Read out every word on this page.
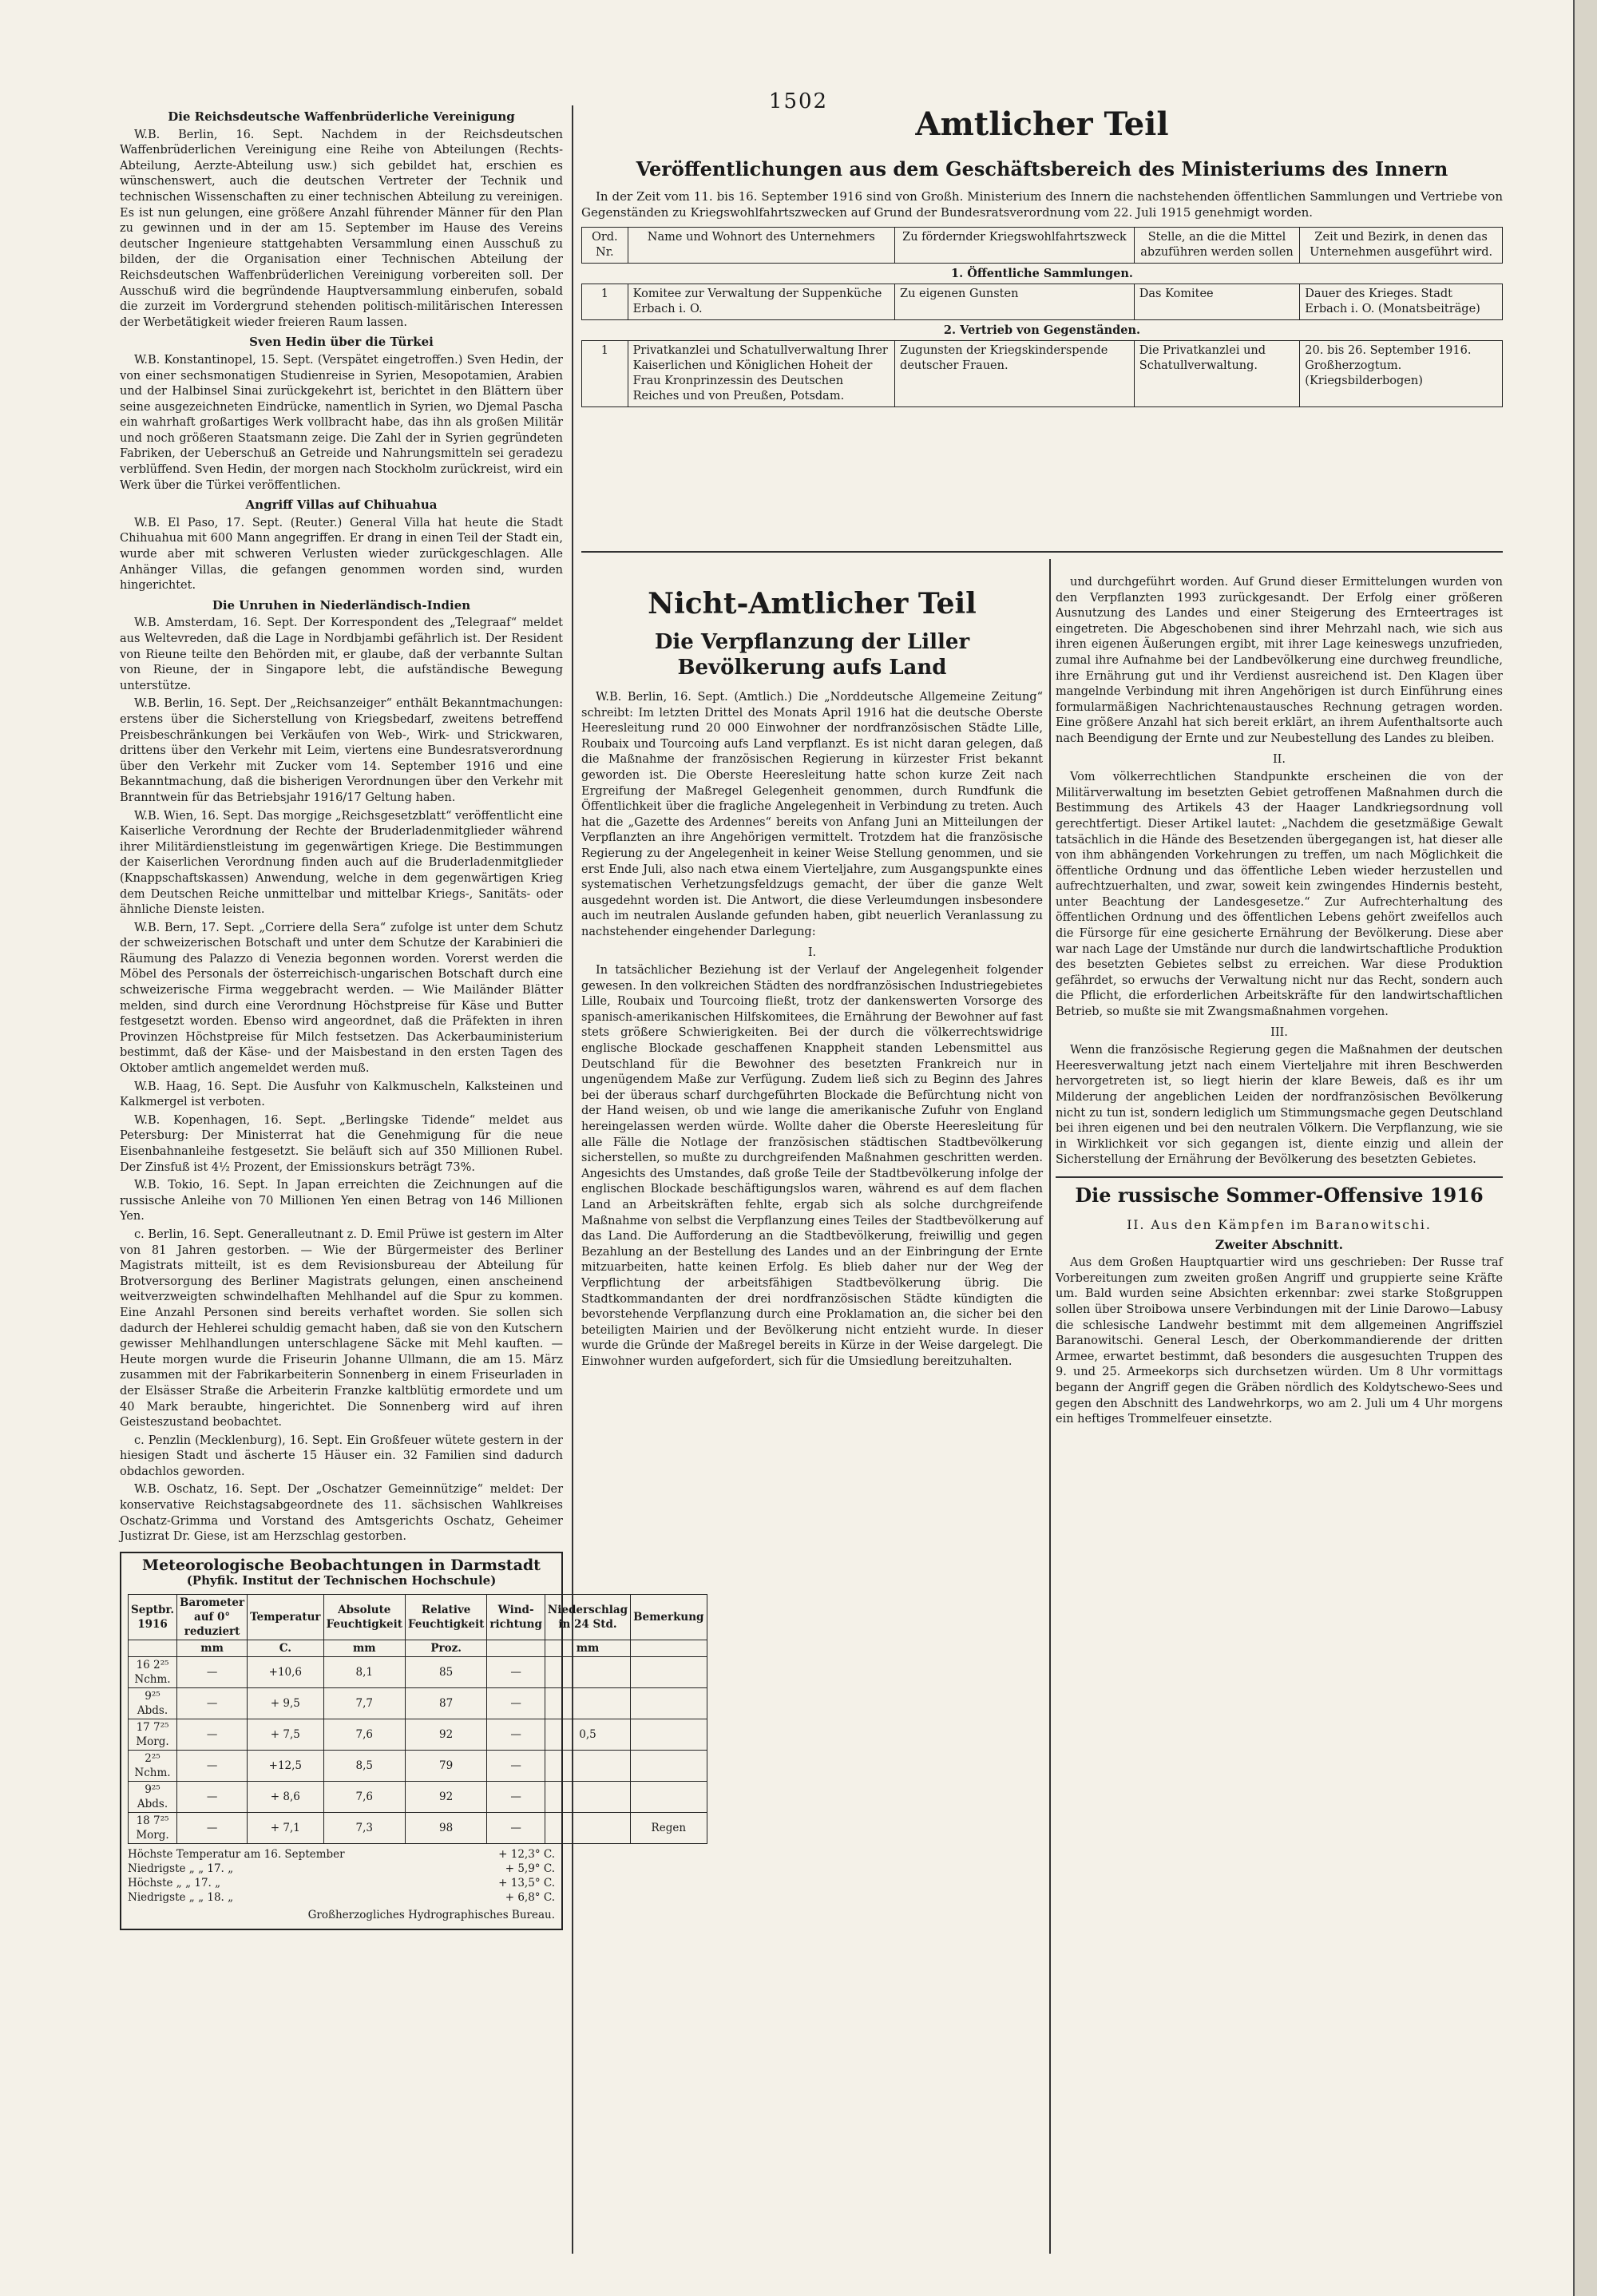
1502
Amtlicher Teil
Veröffentlichungen aus dem Geschäftsbereich des Ministeriums des Innern

In der Zeit vom 11. bis 16. September 1916 sind von Großh. Ministerium des Innern die nachstehenden öffentlichen Sammlungen und Vertriebe von Gegenständen zu Kriegswohlfahrtszwecken auf Grund der Bundesratsverordnung vom 22. Juli 1915 genehmigt worden.

Ord. Nr.	Name und Wohnort des Unternehmers	Zu fördernder Kriegswohlfahrtszweck	Stelle, an die die Mittel abzuführen werden sollen	Zeit und Bezirk, in denen das Unternehmen ausgeführt wird.
1. Öffentliche Sammlungen.				
1	Komitee zur Verwaltung der Suppenküche Erbach i. O.	Zu eigenen Gunsten	Das Komitee	Dauer des Krieges. Stadt Erbach i. O. (Monatsbeiträge)
2. Vertrieb von Gegenständen.				
1	Privatkanzlei und Schatullverwaltung Ihrer Kaiserlichen und Königlichen Hoheit der Frau Kronprinzessin des Deutschen Reiches und von Preußen, Potsdam.	Zugunsten der Kriegskinderspende deutscher Frauen.	Die Privatkanzlei und Schatullverwaltung.	20. bis 26. September 1916. Großherzogtum. (Kriegsbilderbogen)
Die Reichsdeutsche Waffenbrüderliche Vereinigung

W.B. Berlin, 16. Sept. Nachdem in der Reichsdeutschen Waffenbrüderlichen Vereinigung eine Reihe von Abteilungen (Rechts-Abteilung, Aerzte-Abteilung usw.) sich gebildet hat, erschien es wünschenswert, auch die deutschen Vertreter der Technik und technischen Wissenschaften zu einer technischen Abteilung zu vereinigen. Es ist nun gelungen, eine größere Anzahl führender Männer für den Plan zu gewinnen und in der am 15. September im Hause des Vereins deutscher Ingenieure stattgehabten Versammlung einen Ausschuß zu bilden, der die Organisation einer Technischen Abteilung der Reichsdeutschen Waffenbrüderlichen Vereinigung vorbereiten soll. Der Ausschuß wird die begründende Hauptversammlung einberufen, sobald die zurzeit im Vordergrund stehenden politisch-militärischen Interessen der Werbetätigkeit wieder freieren Raum lassen.

Sven Hedin über die Türkei

W.B. Konstantinopel, 15. Sept. (Verspätet eingetroffen.) Sven Hedin, der von einer sechsmonatigen Studienreise in Syrien, Mesopotamien, Arabien und der Halbinsel Sinai zurückgekehrt ist, berichtet in den Blättern über seine ausgezeichneten Eindrücke, namentlich in Syrien, wo Djemal Pascha ein wahrhaft großartiges Werk vollbracht habe, das ihn als großen Militär und noch größeren Staatsmann zeige. Die Zahl der in Syrien gegründeten Fabriken, der Ueberschuß an Getreide und Nahrungsmitteln sei geradezu verblüffend. Sven Hedin, der morgen nach Stockholm zurückreist, wird ein Werk über die Türkei veröffentlichen.

Angriff Villas auf Chihuahua

W.B. El Paso, 17. Sept. (Reuter.) General Villa hat heute die Stadt Chihuahua mit 600 Mann angegriffen. Er drang in einen Teil der Stadt ein, wurde aber mit schweren Verlusten wieder zurückgeschlagen. Alle Anhänger Villas, die gefangen genommen worden sind, wurden hingerichtet.

Die Unruhen in Niederländisch-Indien

W.B. Amsterdam, 16. Sept. Der Korrespondent des „Telegraaf“ meldet aus Weltevreden, daß die Lage in Nordbjambi gefährlich ist. Der Resident von Rieune teilte den Behörden mit, er glaube, daß der verbannte Sultan von Rieune, der in Singapore lebt, die aufständische Bewegung unterstütze.

W.B. Berlin, 16. Sept. Der „Reichsanzeiger“ enthält Bekanntmachungen: erstens über die Sicherstellung von Kriegsbedarf, zweitens betreffend Preisbeschränkungen bei Verkäufen von Web-, Wirk- und Strickwaren, drittens über den Verkehr mit Leim, viertens eine Bundesratsverordnung über den Verkehr mit Zucker vom 14. September 1916 und eine Bekanntmachung, daß die bisherigen Verordnungen über den Verkehr mit Branntwein für das Betriebsjahr 1916/17 Geltung haben.

W.B. Wien, 16. Sept. Das morgige „Reichsgesetzblatt“ veröffentlicht eine Kaiserliche Verordnung der Rechte der Bruderladenmitglieder während ihrer Militärdienstleistung im gegenwärtigen Kriege. Die Bestimmungen der Kaiserlichen Verordnung finden auch auf die Bruderladenmitglieder (Knappschaftskassen) Anwendung, welche in dem gegenwärtigen Krieg dem Deutschen Reiche unmittelbar und mittelbar Kriegs-, Sanitäts- oder ähnliche Dienste leisten.

W.B. Bern, 17. Sept. „Corriere della Sera“ zufolge ist unter dem Schutz der schweizerischen Botschaft und unter dem Schutze der Karabinieri die Räumung des Palazzo di Venezia begonnen worden. Vorerst werden die Möbel des Personals der österreichisch-ungarischen Botschaft durch eine schweizerische Firma weggebracht werden. — Wie Mailänder Blätter melden, sind durch eine Verordnung Höchstpreise für Käse und Butter festgesetzt worden. Ebenso wird angeordnet, daß die Präfekten in ihren Provinzen Höchstpreise für Milch festsetzen. Das Ackerbauministerium bestimmt, daß der Käse- und der Maisbestand in den ersten Tagen des Oktober amtlich angemeldet werden muß.

W.B. Haag, 16. Sept. Die Ausfuhr von Kalkmuscheln, Kalksteinen und Kalkmergel ist verboten.

W.B. Kopenhagen, 16. Sept. „Berlingske Tidende“ meldet aus Petersburg: Der Ministerrat hat die Genehmigung für die neue Eisenbahnanleihe festgesetzt. Sie beläuft sich auf 350 Millionen Rubel. Der Zinsfuß ist 4½ Prozent, der Emissionskurs beträgt 73%.

W.B. Tokio, 16. Sept. In Japan erreichten die Zeichnungen auf die russische Anleihe von 70 Millionen Yen einen Betrag von 146 Millionen Yen.

c. Berlin, 16. Sept. Generalleutnant z. D. Emil Prüwe ist gestern im Alter von 81 Jahren gestorben. — Wie der Bürgermeister des Berliner Magistrats mitteilt, ist es dem Revisionsbureau der Abteilung für Brotversorgung des Berliner Magistrats gelungen, einen anscheinend weitverzweigten schwindelhaften Mehlhandel auf die Spur zu kommen. Eine Anzahl Personen sind bereits verhaftet worden. Sie sollen sich dadurch der Hehlerei schuldig gemacht haben, daß sie von den Kutschern gewisser Mehlhandlungen unterschlagene Säcke mit Mehl kauften. — Heute morgen wurde die Friseurin Johanne Ullmann, die am 15. März zusammen mit der Fabrikarbeiterin Sonnenberg in einem Friseurladen in der Elsässer Straße die Arbeiterin Franzke kaltblütig ermordete und um 40 Mark beraubte, hingerichtet. Die Sonnenberg wird auf ihren Geisteszustand beobachtet.

c. Penzlin (Mecklenburg), 16. Sept. Ein Großfeuer wütete gestern in der hiesigen Stadt und äscherte 15 Häuser ein. 32 Familien sind dadurch obdachlos geworden.

W.B. Oschatz, 16. Sept. Der „Oschatzer Gemeinnützige“ meldet: Der konservative Reichstagsabgeordnete des 11. sächsischen Wahlkreises Oschatz-Grimma und Vorstand des Amtsgerichts Oschatz, Geheimer Justizrat Dr. Giese, ist am Herzschlag gestorben.

Meteorologische Beobachtungen in Darmstadt
(Phyfik. Institut der Technischen Hochschule)
Septbr. 1916	Barometer auf 0° reduziert	Temperatur	Absolute Feuchtigkeit	Relative Feuchtigkeit	Wind-richtung	Niederschlag in 24 Std.	Bemerkung
	mm	C.	mm	Proz.		mm	
16 2²⁵ Nchm.	—	+10,6	8,1	85	—		
9²⁵ Abds.	—	+ 9,5	7,7	87	—		
17 7²⁵ Morg.	—	+ 7,5	7,6	92	—	0,5	
2²⁵ Nchm.	—	+12,5	8,5	79	—		
9²⁵ Abds.	—	+ 8,6	7,6	92	—		
18 7²⁵ Morg.	—	+ 7,1	7,3	98	—		Regen
Höchste Temperatur am 16. September	+ 12,3° C.
Niedrigste „ „ 17. „	+ 5,9° C.
Höchste „ „ 17. „	+ 13,5° C.
Niedrigste „ „ 18. „	+ 6,8° C.
Großherzogliches Hydrographisches Bureau.
Nicht-Amtlicher Teil
Die Verpflanzung der Liller Bevölkerung aufs Land

W.B. Berlin, 16. Sept. (Amtlich.) Die „Norddeutsche Allgemeine Zeitung“ schreibt: Im letzten Drittel des Monats April 1916 hat die deutsche Oberste Heeresleitung rund 20 000 Einwohner der nordfranzösischen Städte Lille, Roubaix und Tourcoing aufs Land verpflanzt. Es ist nicht daran gelegen, daß die Maßnahme der französischen Regierung in kürzester Frist bekannt geworden ist. Die Oberste Heeresleitung hatte schon kurze Zeit nach Ergreifung der Maßregel Gelegenheit genommen, durch Rundfunk die Öffentlichkeit über die fragliche Angelegenheit in Verbindung zu treten. Auch hat die „Gazette des Ardennes“ bereits von Anfang Juni an Mitteilungen der Verpflanzten an ihre Angehörigen vermittelt. Trotzdem hat die französische Regierung zu der Angelegenheit in keiner Weise Stellung genommen, und sie erst Ende Juli, also nach etwa einem Vierteljahre, zum Ausgangspunkte eines systematischen Verhetzungsfeldzugs gemacht, der über die ganze Welt ausgedehnt worden ist. Die Antwort, die diese Verleumdungen insbesondere auch im neutralen Auslande gefunden haben, gibt neuerlich Veranlassung zu nachstehender eingehender Darlegung:

I.

In tatsächlicher Beziehung ist der Verlauf der Angelegenheit folgender gewesen. In den volkreichen Städten des nordfranzösischen Industriegebietes Lille, Roubaix und Tourcoing fließt, trotz der dankenswerten Vorsorge des spanisch-amerikanischen Hilfskomitees, die Ernährung der Bewohner auf fast stets größere Schwierigkeiten. Bei der durch die völkerrechtswidrige englische Blockade geschaffenen Knappheit standen Lebensmittel aus Deutschland für die Bewohner des besetzten Frankreich nur in ungenügendem Maße zur Verfügung. Zudem ließ sich zu Beginn des Jahres bei der überaus scharf durchgeführten Blockade die Befürchtung nicht von der Hand weisen, ob und wie lange die amerikanische Zufuhr von England hereingelassen werden würde. Wollte daher die Oberste Heeresleitung für alle Fälle die Notlage der französischen städtischen Stadtbevölkerung sicherstellen, so mußte zu durchgreifenden Maßnahmen geschritten werden. Angesichts des Umstandes, daß große Teile der Stadtbevölkerung infolge der englischen Blockade beschäftigungslos waren, während es auf dem flachen Land an Arbeitskräften fehlte, ergab sich als solche durchgreifende Maßnahme von selbst die Verpflanzung eines Teiles der Stadtbevölkerung auf das Land. Die Aufforderung an die Stadtbevölkerung, freiwillig und gegen Bezahlung an der Bestellung des Landes und an der Einbringung der Ernte mitzuarbeiten, hatte keinen Erfolg. Es blieb daher nur der Weg der Verpflichtung der arbeitsfähigen Stadtbevölkerung übrig. Die Stadtkommandanten der drei nordfranzösischen Städte kündigten die bevorstehende Verpflanzung durch eine Proklamation an, die sicher bei den beteiligten Mairien und der Bevölkerung nicht entzieht wurde. In dieser wurde die Gründe der Maßregel bereits in Kürze in der Weise dargelegt. Die Einwohner wurden aufgefordert, sich für die Umsiedlung bereitzuhalten.

und durchgeführt worden. Auf Grund dieser Ermittelungen wurden von den Verpflanzten 1993 zurückgesandt. Der Erfolg einer größeren Ausnutzung des Landes und einer Steigerung des Ernteertrages ist eingetreten. Die Abgeschobenen sind ihrer Mehrzahl nach, wie sich aus ihren eigenen Äußerungen ergibt, mit ihrer Lage keineswegs unzufrieden, zumal ihre Aufnahme bei der Landbevölkerung eine durchweg freundliche, ihre Ernährung gut und ihr Verdienst ausreichend ist. Den Klagen über mangelnde Verbindung mit ihren Angehörigen ist durch Einführung eines formularmäßigen Nachrichtenaustausches Rechnung getragen worden. Eine größere Anzahl hat sich bereit erklärt, an ihrem Aufenthaltsorte auch nach Beendigung der Ernte und zur Neubestellung des Landes zu bleiben.

II.

Vom völkerrechtlichen Standpunkte erscheinen die von der Militärverwaltung im besetzten Gebiet getroffenen Maßnahmen durch die Bestimmung des Artikels 43 der Haager Landkriegsordnung voll gerechtfertigt. Dieser Artikel lautet: „Nachdem die gesetzmäßige Gewalt tatsächlich in die Hände des Besetzenden übergegangen ist, hat dieser alle von ihm abhängenden Vorkehrungen zu treffen, um nach Möglichkeit die öffentliche Ordnung und das öffentliche Leben wieder herzustellen und aufrechtzuerhalten, und zwar, soweit kein zwingendes Hindernis besteht, unter Beachtung der Landesgesetze.“ Zur Aufrechterhaltung des öffentlichen Ordnung und des öffentlichen Lebens gehört zweifellos auch die Fürsorge für eine gesicherte Ernährung der Bevölkerung. Diese aber war nach Lage der Umstände nur durch die landwirtschaftliche Produktion des besetzten Gebietes selbst zu erreichen. War diese Produktion gefährdet, so erwuchs der Verwaltung nicht nur das Recht, sondern auch die Pflicht, die erforderlichen Arbeitskräfte für den landwirtschaftlichen Betrieb, so mußte sie mit Zwangsmaßnahmen vorgehen.

III.

Wenn die französische Regierung gegen die Maßnahmen der deutschen Heeresverwaltung jetzt nach einem Vierteljahre mit ihren Beschwerden hervorgetreten ist, so liegt hierin der klare Beweis, daß es ihr um Milderung der angeblichen Leiden der nordfranzösischen Bevölkerung nicht zu tun ist, sondern lediglich um Stimmungsmache gegen Deutschland bei ihren eigenen und bei den neutralen Völkern. Die Verpflanzung, wie sie in Wirklichkeit vor sich gegangen ist, diente einzig und allein der Sicherstellung der Ernährung der Bevölkerung des besetzten Gebietes.

Die russische Sommer-Offensive 1916
II. Aus den Kämpfen im Baranowitschi.
Zweiter Abschnitt.

Aus dem Großen Hauptquartier wird uns geschrieben: Der Russe traf Vorbereitungen zum zweiten großen Angriff und gruppierte seine Kräfte um. Bald wurden seine Absichten erkennbar: zwei starke Stoßgruppen sollen über Stroibowa unsere Verbindungen mit der Linie Darowo—Labusy die schlesische Landwehr bestimmt mit dem allgemeinen Angriffsziel Baranowitschi. General Lesch, der Oberkommandierende der dritten Armee, erwartet bestimmt, daß besonders die ausgesuchten Truppen des 9. und 25. Armeekorps sich durchsetzen würden. Um 8 Uhr vormittags begann der Angriff gegen die Gräben nördlich des Koldytschewo-Sees und gegen den Abschnitt des Landwehrkorps, wo am 2. Juli um 4 Uhr morgens ein heftiges Trommelfeuer einsetzte.
